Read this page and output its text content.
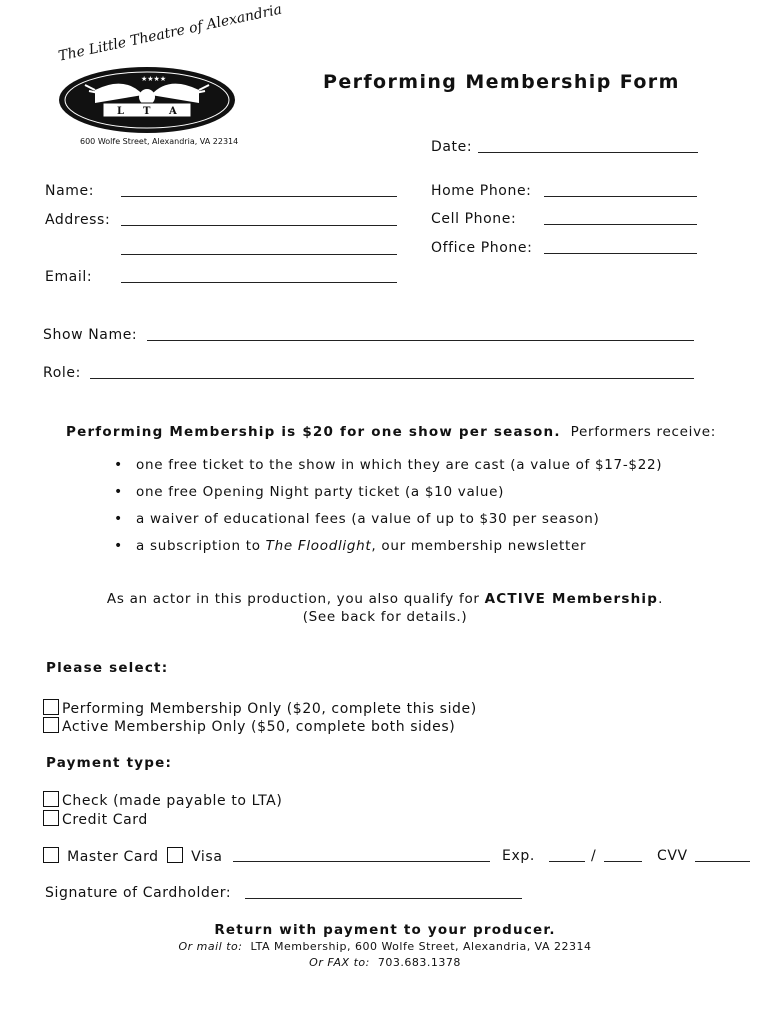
★★★★
L T A
The Little Theatre of Alexandria
600 Wolfe Street, Alexandria, VA 22314
Performing Membership Form
Date:
Name:
Address:
Email:
Home Phone:
Cell Phone:
Office Phone:
Show Name:
Role:
Performing Membership is $20 for one show per season. Performers receive:
• one free ticket to the show in which they are cast (a value of $17-$22)
• one free Opening Night party ticket (a $10 value)
• a waiver of educational fees (a value of up to $30 per season)
• a subscription to The Floodlight, our membership newsletter
As an actor in this production, you also qualify for ACTIVE Membership.
(See back for details.)
Please select:
Performing Membership Only ($20, complete this side)
Active Membership Only ($50, complete both sides)
Payment type:
Check (made payable to LTA)
Credit Card
Master Card	Visa	Exp.	/	CVV
Signature of Cardholder:
Return with payment to your producer.
Or mail to: LTA Membership, 600 Wolfe Street, Alexandria, VA 22314
Or FAX to: 703.683.1378
